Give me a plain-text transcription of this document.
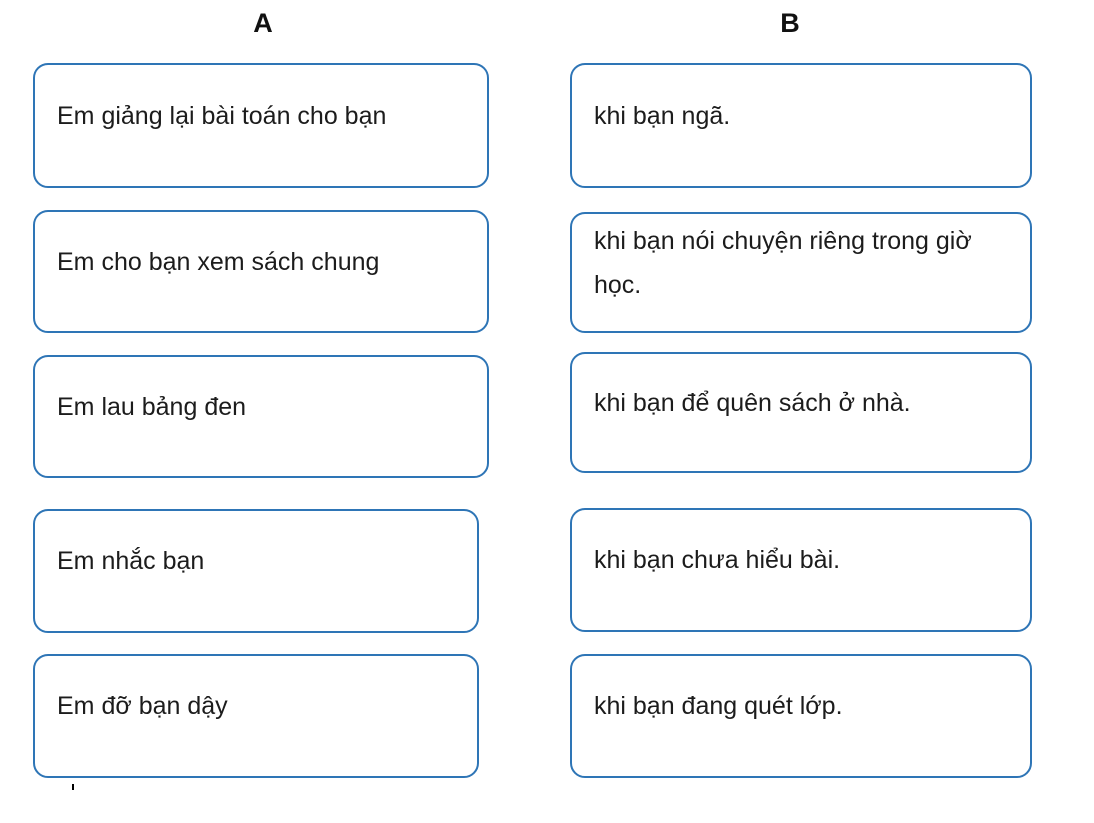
A	B
Em giảng lại bài toán cho bạn
Em cho bạn xem sách chung
Em lau bảng đen
Em nhắc bạn
Em đỡ bạn dậy
khi bạn ngã.
khi bạn nói chuyện riêng trong giờ học.
khi bạn để quên sách ở nhà.
khi bạn chưa hiểu bài.
khi bạn đang quét lớp.
